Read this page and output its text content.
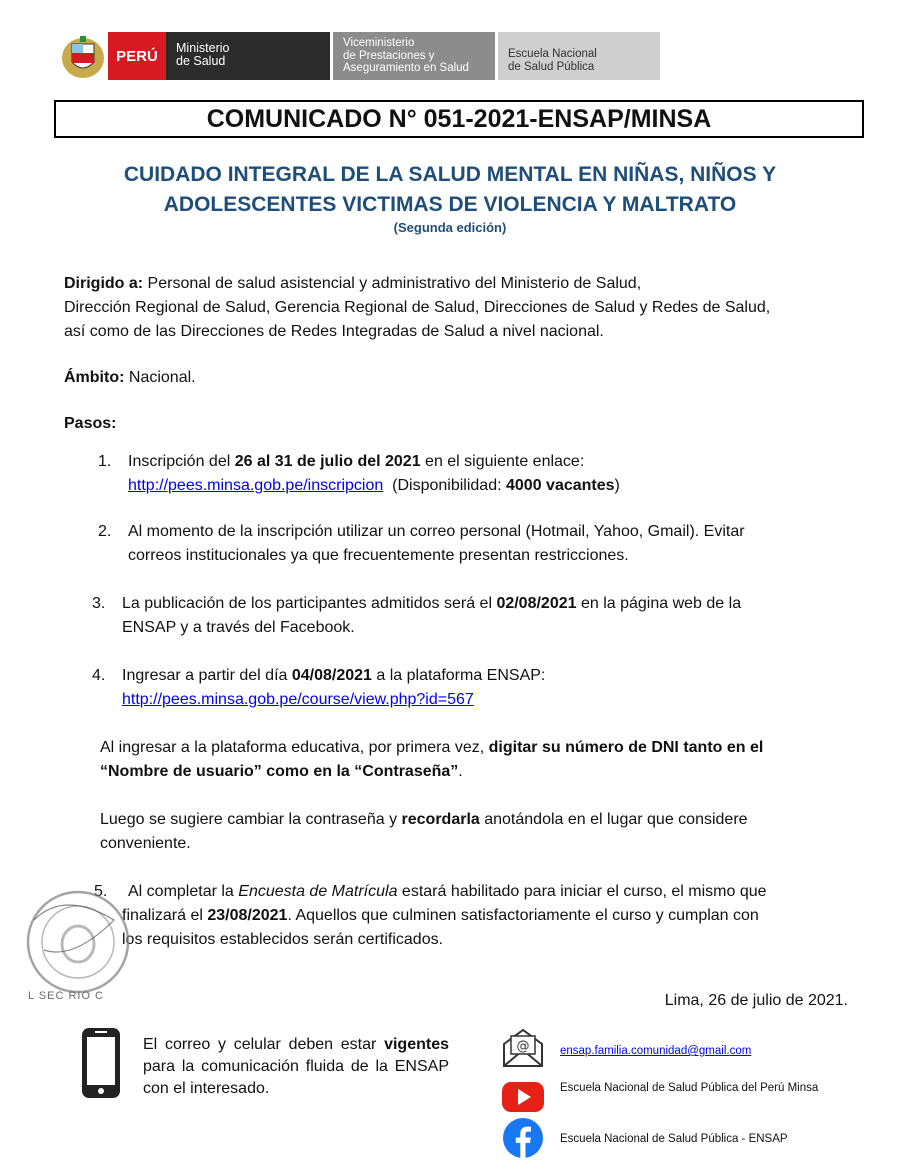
PERÚ Ministerio
de Salud
Viceministerio
de Prestaciones y
Aseguramiento en Salud
Escuela Nacional
de Salud Pública
COMUNICADO N° 051-2021-ENSAP/MINSA
CUIDADO INTEGRAL DE LA SALUD MENTAL EN NIÑAS, NIÑOS Y
ADOLESCENTES VICTIMAS DE VIOLENCIA Y MALTRATO
(Segunda edición)
Dirigido a: Personal de salud asistencial y administrativo del Ministerio de Salud,
Dirección Regional de Salud, Gerencia Regional de Salud, Direcciones de Salud y Redes de Salud,
así como de las Direcciones de Redes Integradas de Salud a nivel nacional.
Ámbito: Nacional.
Pasos:
1. Inscripción del 26 al 31 de julio del 2021 en el siguiente enlace:
http://pees.minsa.gob.pe/inscripcion  (Disponibilidad: 4000 vacantes)
2. Al momento de la inscripción utilizar un correo personal (Hotmail, Yahoo, Gmail). Evitar
correos institucionales ya que frecuentemente presentan restricciones.
3. La publicación de los participantes admitidos será el 02/08/2021 en la página web de la
ENSAP y a través del Facebook.
4. Ingresar a partir del día 04/08/2021 a la plataforma ENSAP:
http://pees.minsa.gob.pe/course/view.php?id=567
Al ingresar a la plataforma educativa, por primera vez, digitar su número de DNI tanto en el
“Nombre de usuario” como en la “Contraseña”.
Luego se sugiere cambiar la contraseña y recordarla anotándola en el lugar que considere
conveniente.
5.	Al completar la Encuesta de Matrícula estará habilitado para iniciar el curso, el mismo que
finalizará el 23/08/2021. Aquellos que culminen satisfactoriamente el curso y cumplan con
los requisitos establecidos serán certificados.
L SEC RIO C	Lima, 26 de julio de 2021.
El correo y celular deben estar vigentes para la comunicación fluida de la ENSAP con el interesado.
@	ensap.familia.comunidad@gmail.com
Escuela Nacional de Salud Pública del Perú Minsa
Escuela Nacional de Salud Pública - ENSAP
